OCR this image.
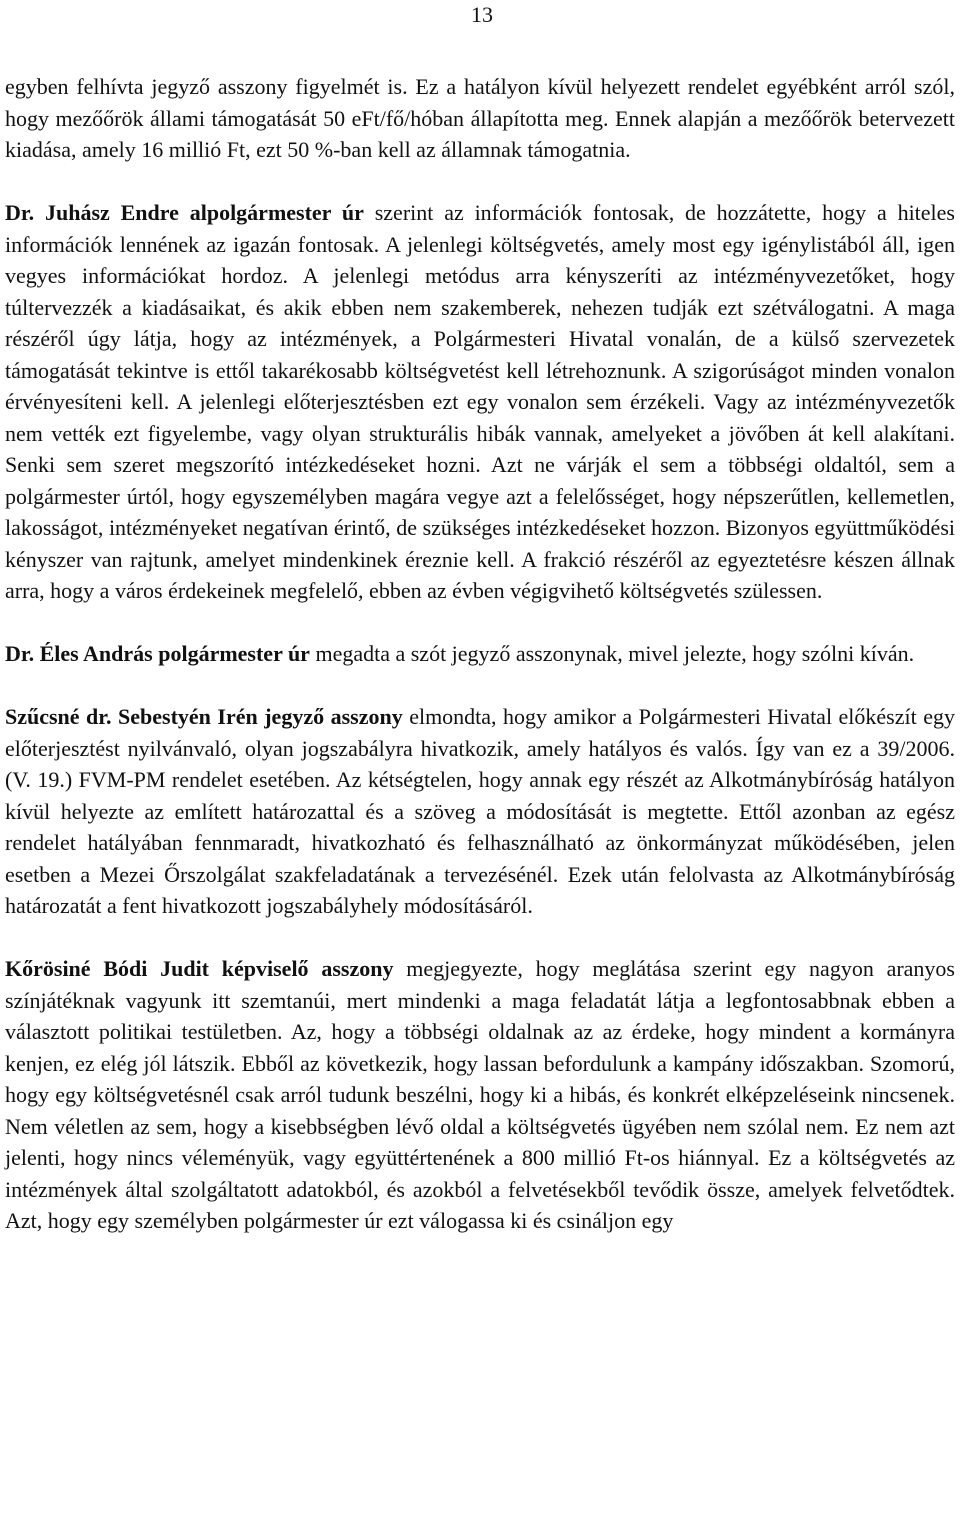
13

egyben felhívta jegyző asszony figyelmét is. Ez a hatályon kívül helyezett rendelet egyébként arról szól, hogy mezőőrök állami támogatását 50 eFt/fő/hóban állapította meg. Ennek alapján a mezőőrök betervezett kiadása, amely 16 millió Ft, ezt 50 %-ban kell az államnak támogatnia.

Dr. Juhász Endre alpolgármester úr szerint az információk fontosak, de hozzátette, hogy a hiteles információk lennének az igazán fontosak. A jelenlegi költségvetés, amely most egy igénylistából áll, igen vegyes információkat hordoz. A jelenlegi metódus arra kényszeríti az intézményvezetőket, hogy túltervezzék a kiadásaikat, és akik ebben nem szakemberek, nehezen tudják ezt szétválogatni. A maga részéről úgy látja, hogy az intézmények, a Polgármesteri Hivatal vonalán, de a külső szervezetek támogatását tekintve is ettől takarékosabb költségvetést kell létrehoznunk. A szigorúságot minden vonalon érvényesíteni kell. A jelenlegi előterjesztésben ezt egy vonalon sem érzékeli. Vagy az intézményvezetők nem vették ezt figyelembe, vagy olyan strukturális hibák vannak, amelyeket a jövőben át kell alakítani. Senki sem szeret megszorító intézkedéseket hozni. Azt ne várják el sem a többségi oldaltól, sem a polgármester úrtól, hogy egyszemélyben magára vegye azt a felelősséget, hogy népszerűtlen, kellemetlen, lakosságot, intézményeket negatívan érintő, de szükséges intézkedéseket hozzon. Bizonyos együttműködési kényszer van rajtunk, amelyet mindenkinek éreznie kell. A frakció részéről az egyeztetésre készen állnak arra, hogy a város érdekeinek megfelelő, ebben az évben végigvihető költségvetés szülessen.

Dr. Éles András polgármester úr megadta a szót jegyző asszonynak, mivel jelezte, hogy szólni kíván.

Szűcsné dr. Sebestyén Irén jegyző asszony elmondta, hogy amikor a Polgármesteri Hivatal előkészít egy előterjesztést nyilvánvaló, olyan jogszabályra hivatkozik, amely hatályos és valós. Így van ez a 39/2006. (V. 19.) FVM-PM rendelet esetében. Az kétségtelen, hogy annak egy részét az Alkotmánybíróság hatályon kívül helyezte az említett határozattal és a szöveg a módosítását is megtette. Ettől azonban az egész rendelet hatályában fennmaradt, hivatkozható és felhasználható az önkormányzat működésében, jelen esetben a Mezei Őrszolgálat szakfeladatának a tervezésénél. Ezek után felolvasta az Alkotmánybíróság határozatát a fent hivatkozott jogszabályhely módosításáról.

Kőrösiné Bódi Judit képviselő asszony megjegyezte, hogy meglátása szerint egy nagyon aranyos színjátéknak vagyunk itt szemtanúi, mert mindenki a maga feladatát látja a legfontosabbnak ebben a választott politikai testületben. Az, hogy a többségi oldalnak az az érdeke, hogy mindent a kormányra kenjen, ez elég jól látszik. Ebből az következik, hogy lassan befordulunk a kampány időszakban. Szomorú, hogy egy költségvetésnél csak arról tudunk beszélni, hogy ki a hibás, és konkrét elképzeléseink nincsenek. Nem véletlen az sem, hogy a kisebbségben lévő oldal a költségvetés ügyében nem szólal nem. Ez nem azt jelenti, hogy nincs véleményük, vagy együttértenének a 800 millió Ft-os hiánnyal. Ez a költségvetés az intézmények által szolgáltatott adatokból, és azokból a felvetésekből tevődik össze, amelyek felvetődtek. Azt, hogy egy személyben polgármester úr ezt válogassa ki és csináljon egy
